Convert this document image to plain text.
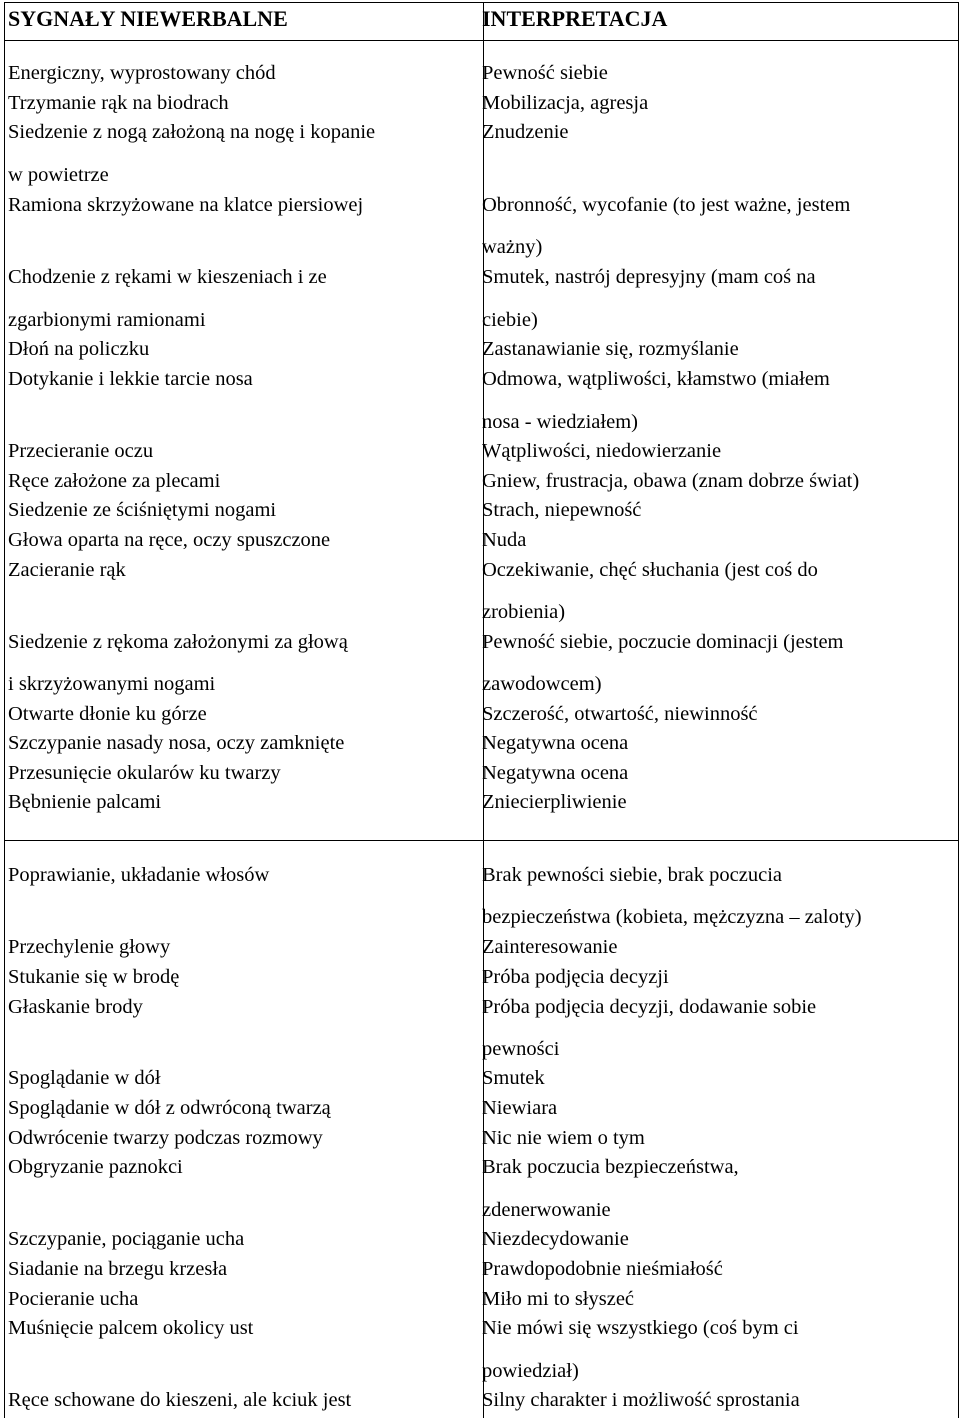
SYGNAŁY NIEWERBALNE	INTERPRETACJA
Energiczny, wyprostowany chód
Trzymanie rąk na biodrach
Siedzenie z nogą założoną na nogę i kopanie
w powietrze
Ramiona skrzyżowane na klatce piersiowej
Chodzenie z rękami w kieszeniach i ze
zgarbionymi ramionami
Dłoń na policzku
Dotykanie i lekkie tarcie nosa
Przecieranie oczu
Ręce założone za plecami
Siedzenie ze ściśniętymi nogami
Głowa oparta na ręce, oczy spuszczone
Zacieranie rąk
Siedzenie z rękoma założonymi za głową
i skrzyżowanymi nogami
Otwarte dłonie ku górze
Szczypanie nasady nosa, oczy zamknięte
Przesunięcie okularów ku twarzy
Bębnienie palcami
Poprawianie, układanie włosów
Przechylenie głowy
Stukanie się w brodę
Głaskanie brody
Spoglądanie w dół
Spoglądanie w dół z odwróconą twarzą
Odwrócenie twarzy podczas rozmowy
Obgryzanie paznokci
Szczypanie, pociąganie ucha
Siadanie na brzegu krzesła
Pocieranie ucha
Muśnięcie palcem okolicy ust
Ręce schowane do kieszeni, ale kciuk jest
Pewność siebie
Mobilizacja, agresja
Znudzenie
Obronność, wycofanie (to jest ważne, jestem
ważny)
Smutek, nastrój depresyjny (mam coś na
ciebie)
Zastanawianie się, rozmyślanie
Odmowa, wątpliwości, kłamstwo (miałem
nosa - wiedziałem)
Wątpliwości, niedowierzanie
Gniew, frustracja, obawa (znam dobrze świat)
Strach, niepewność
Nuda
Oczekiwanie, chęć słuchania (jest coś do
zrobienia)
Pewność siebie, poczucie dominacji (jestem
zawodowcem)
Szczerość, otwartość, niewinność
Negatywna ocena
Negatywna ocena
Zniecierpliwienie
Brak pewności siebie, brak poczucia
bezpieczeństwa (kobieta, mężczyzna – zaloty)
Zainteresowanie
Próba podjęcia decyzji
Próba podjęcia decyzji, dodawanie sobie
pewności
Smutek
Niewiara
Nic nie wiem o tym
Brak poczucia bezpieczeństwa,
zdenerwowanie
Niezdecydowanie
Prawdopodobnie nieśmiałość
Miło mi to słyszeć
Nie mówi się wszystkiego (coś bym ci
powiedział)
Silny charakter i możliwość sprostania
